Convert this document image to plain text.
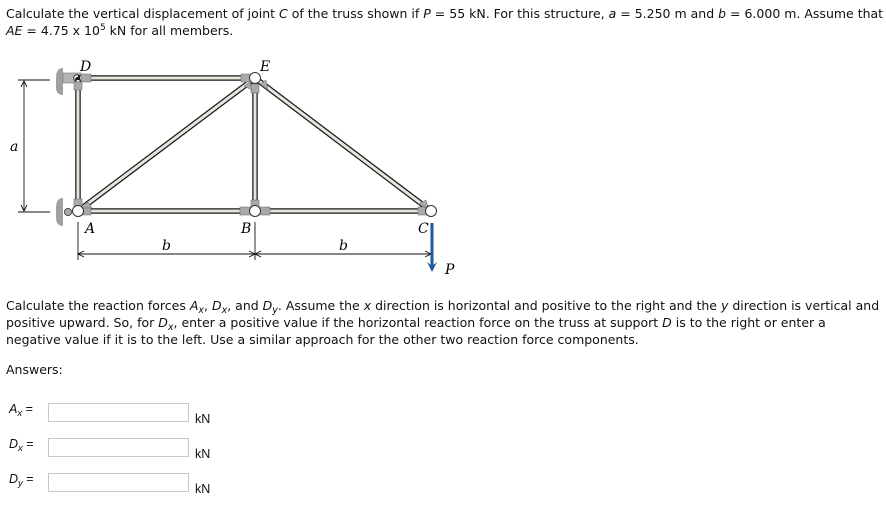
Calculate the vertical displacement of joint C of the truss shown if P = 55 kN. For this structure, a = 5.250 m and b = 6.000 m. Assume that AE = 4.75 x $10^5$ kN for all members.

D	E
A	B	C
a
b	b
P

Calculate the reaction forces $A_x$, $D_x$, and $D_y$. Assume the x direction is horizontal and positive to the right and the y direction is vertical and positive upward. So, for $D_x$, enter a positive value if the horizontal reaction force on the truss at support D is to the right or enter a negative value if it is to the left. Use a similar approach for the other two reaction force components.

Answers:
$A_x$ =
kN
$D_x$ =
kN
$D_y$ =
kN
